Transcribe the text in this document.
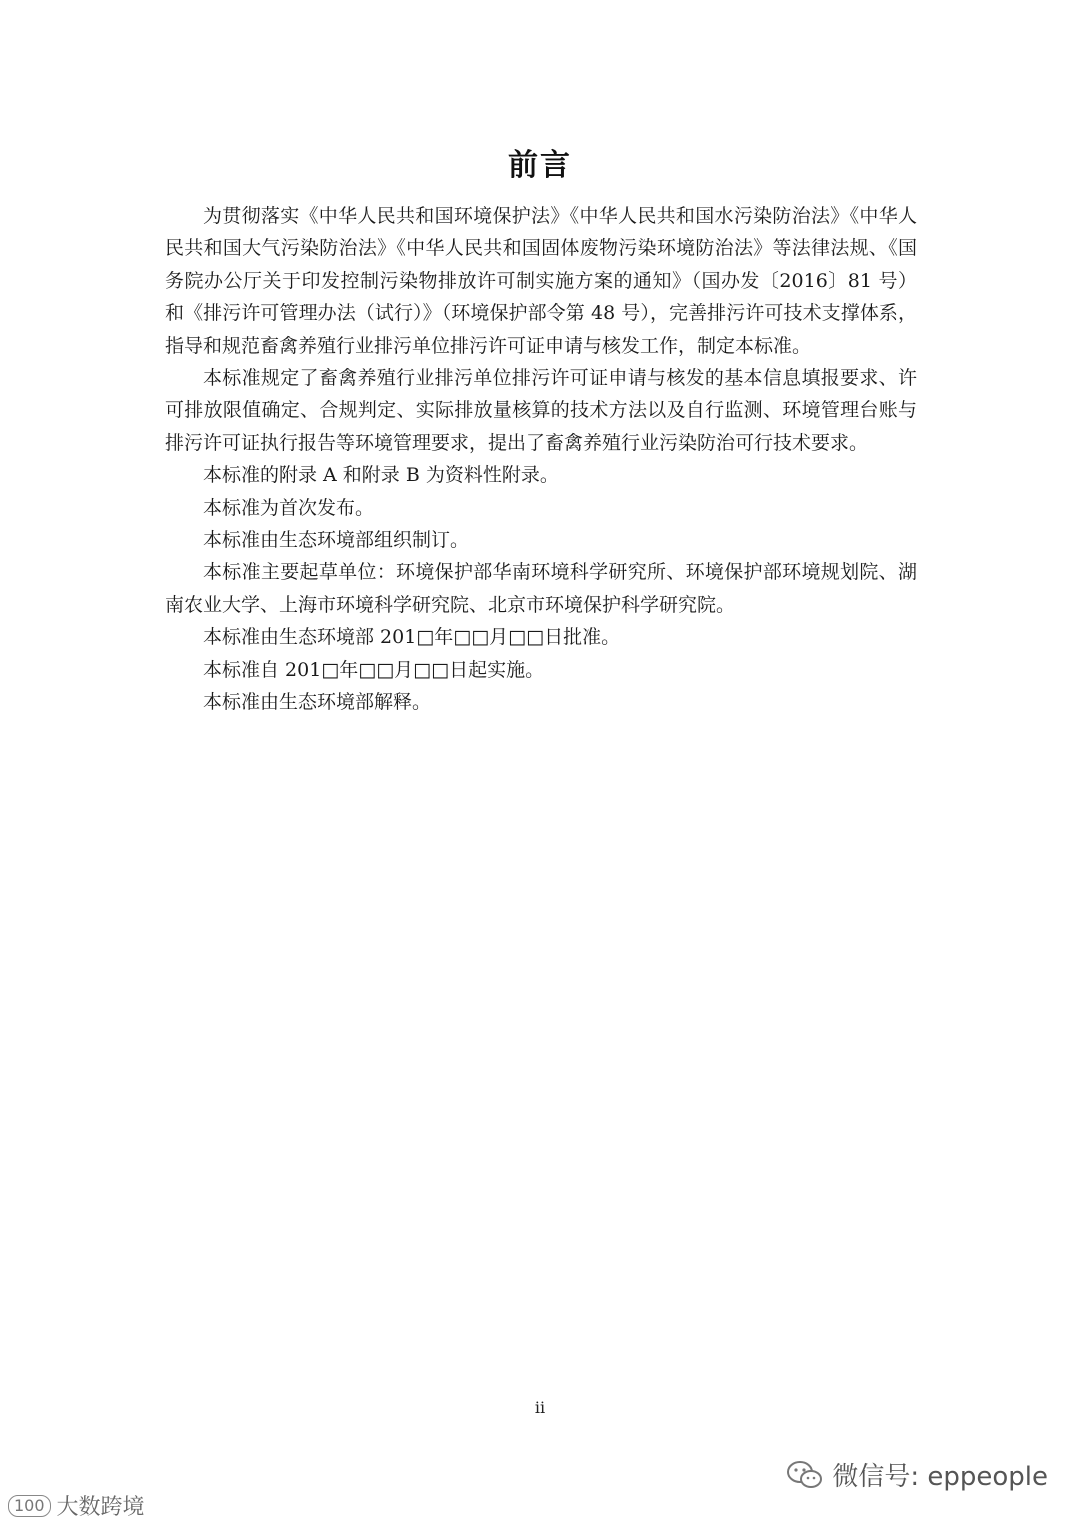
前言

为贯彻落实《中华人民共和国环境保护法》《中华人民共和国水污染防治法》《中华人民共和国大气污染防治法》《中华人民共和国固体废物污染环境防治法》等法律法规、《国务院办公厅关于印发控制污染物排放许可制实施方案的通知》（国办发〔2016〕81 号）和《排污许可管理办法（试行）》（环境保护部令第 48 号），完善排污许可技术支撑体系，指导和规范畜禽养殖行业排污单位排污许可证申请与核发工作，制定本标准。

本标准规定了畜禽养殖行业排污单位排污许可证申请与核发的基本信息填报要求、许可排放限值确定、合规判定、实际排放量核算的技术方法以及自行监测、环境管理台账与排污许可证执行报告等环境管理要求，提出了畜禽养殖行业污染防治可行技术要求。

本标准的附录 A 和附录 B 为资料性附录。

本标准为首次发布。

本标准由生态环境部组织制订。

本标准主要起草单位：环境保护部华南环境科学研究所、环境保护部环境规划院、湖南农业大学、上海市环境科学研究院、北京市环境保护科学研究院。

本标准由生态环境部 201□年□□月□□日批准。

本标准自 201□年□□月□□日起实施。

本标准由生态环境部解释。

ii
微信号: eppeople
100 大数跨境
